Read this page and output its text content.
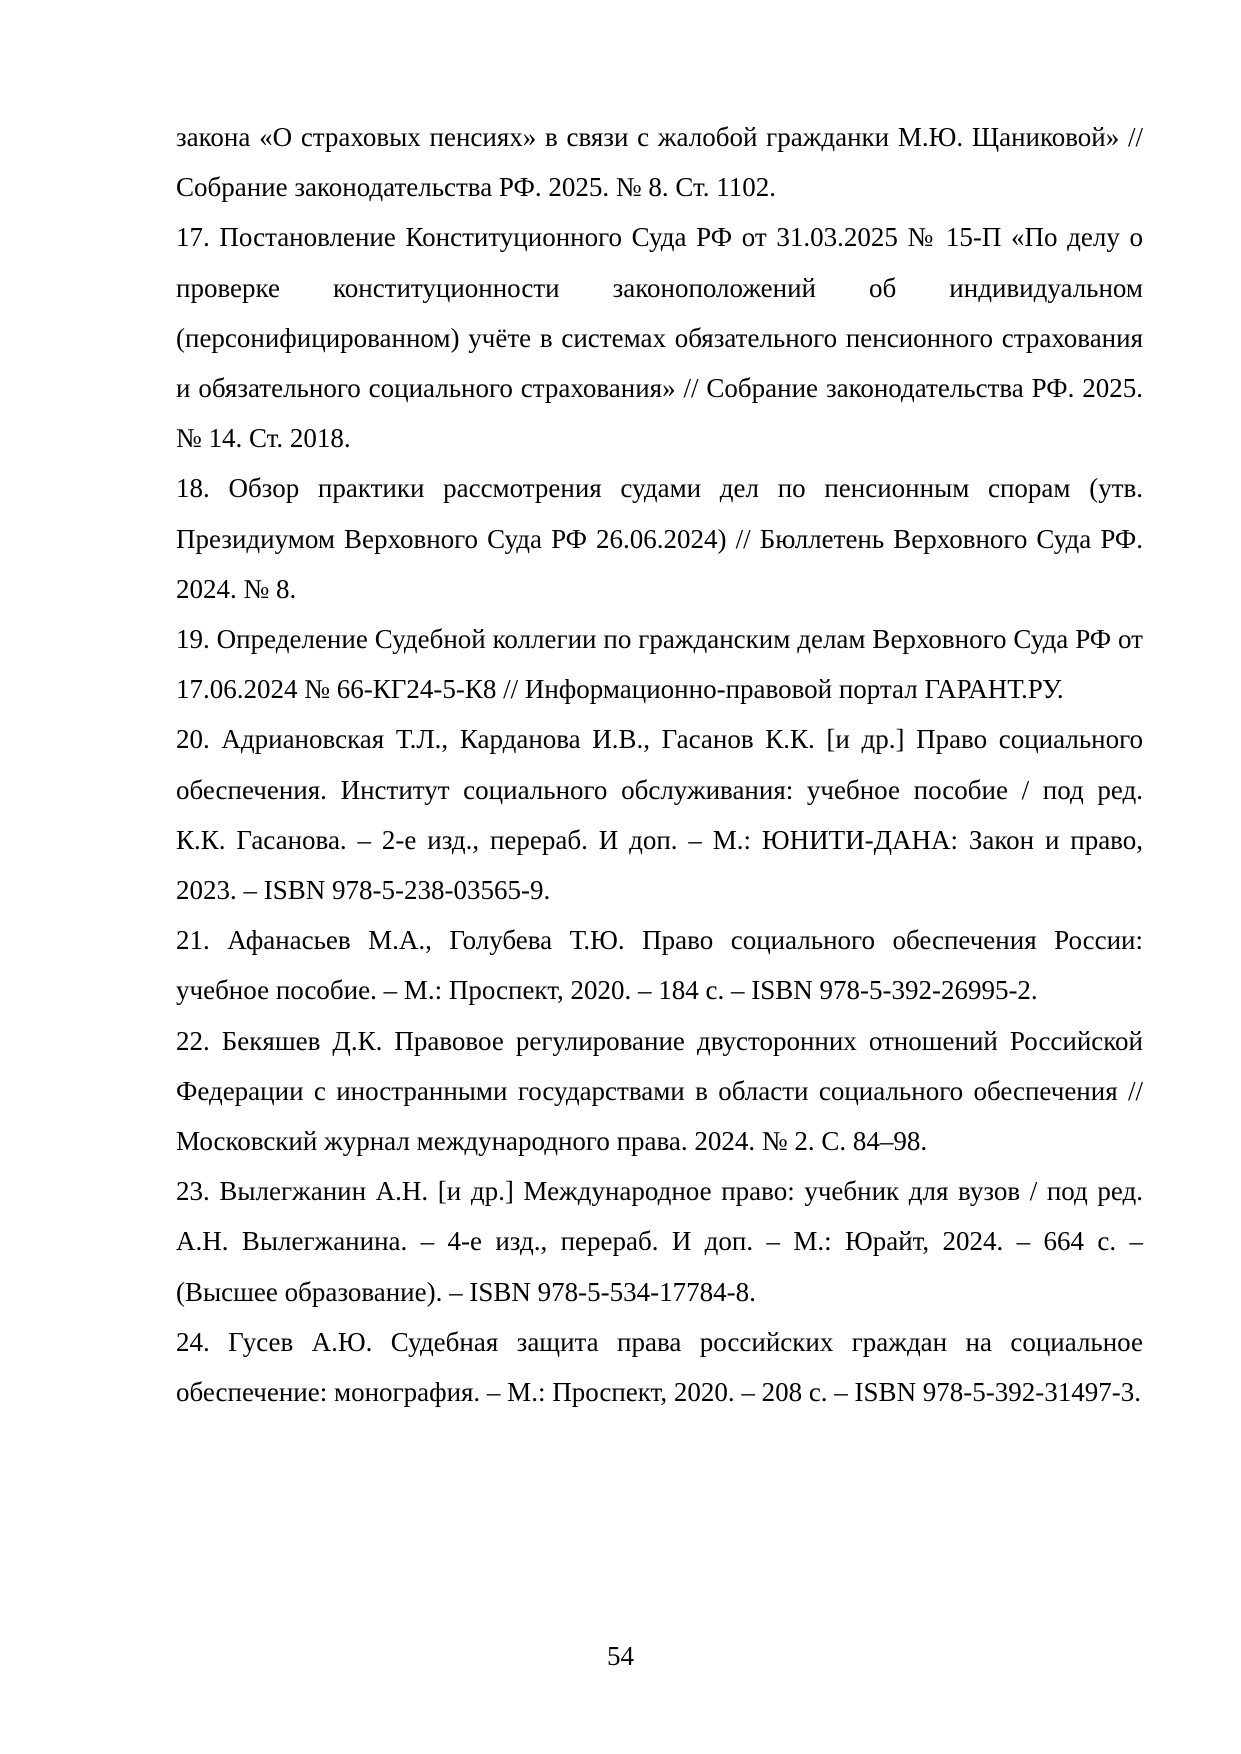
закона «О страховых пенсиях» в связи с жалобой гражданки М.Ю. Щаниковой» // Собрание законодательства РФ. 2025. № 8. Ст. 1102.

17. Постановление Конституционного Суда РФ от 31.03.2025 № 15-П «По делу о проверке конституционности законоположений об индивидуальном (персонифицированном) учёте в системах обязательного пенсионного страхования и обязательного социального страхования» // Собрание законодательства РФ. 2025. № 14. Ст. 2018.

18. Обзор практики рассмотрения судами дел по пенсионным спорам (утв. Президиумом Верховного Суда РФ 26.06.2024) // Бюллетень Верховного Суда РФ. 2024. № 8.

19. Определение Судебной коллегии по гражданским делам Верховного Суда РФ от 17.06.2024 № 66-КГ24-5-К8 // Информационно-правовой портал ГАРАНТ.РУ.

20. Адриановская Т.Л., Карданова И.В., Гасанов К.К. [и др.] Право социального обеспечения. Институт социального обслуживания: учебное пособие / под ред. К.К. Гасанова. – 2-е изд., перераб. И доп. – М.: ЮНИТИ-ДАНА: Закон и право, 2023. – ISBN 978-5-238-03565-9.

21. Афанасьев М.А., Голубева Т.Ю. Право социального обеспечения России: учебное пособие. – М.: Проспект, 2020. – 184 с. – ISBN 978-5-392-26995-2.

22. Бекяшев Д.К. Правовое регулирование двусторонних отношений Российской Федерации с иностранными государствами в области социального обеспечения // Московский журнал международного права. 2024. № 2. С. 84–98.

23. Вылегжанин А.Н. [и др.] Международное право: учебник для вузов / под ред. А.Н. Вылегжанина. – 4-е изд., перераб. И доп. – М.: Юрайт, 2024. – 664 с. – (Высшее образование). – ISBN 978-5-534-17784-8.

24. Гусев А.Ю. Судебная защита права российских граждан на социальное обеспечение: монография. – М.: Проспект, 2020. – 208 с. – ISBN 978-5-392-31497-3.

54
